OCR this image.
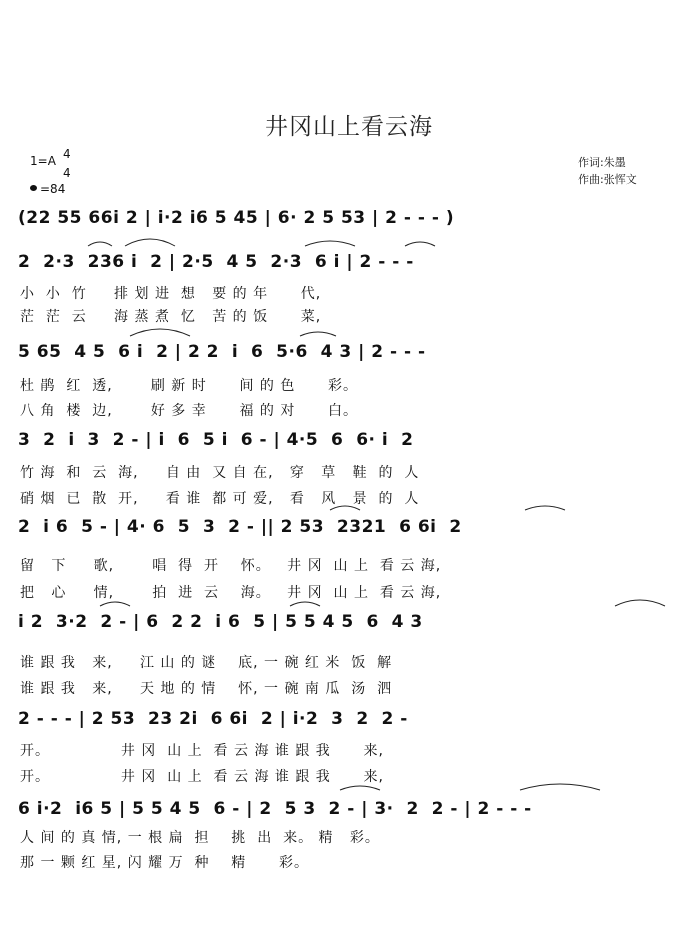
井冈山上看云海
1=A 4
4
=84
作词:朱墨
作曲:张恽文
(22 55 66i 2 | i·2 i6 5 45 | 6· 2 5 53 | 2 - - - )
2  2·3  236 i  2 | 2·5  4 5  2·3  6 i | 2 - - -
小  小  竹     排 划 进  想   要 的 年      代,
茫  茫  云     海 蒸 煮  忆   苦 的 饭      菜,
5 65  4 5  6 i  2 | 2 2  i  6  5·6  4 3 | 2 - - -
杜 鹃  红  透,       刷 新 时      间 的 色      彩。
八 角  楼  边,       好 多 幸      福 的 对      白。
3  2  i  3  2 - | i  6  5 i  6 - | 4·5  6  6· i  2
竹 海  和  云  海,     自 由  又 自 在,   穿   草   鞋  的  人
硝 烟  已  散  开,     看 谁  都 可 爱,   看   风   景  的  人
2  i 6  5 - | 4· 6  5  3  2 - || 2 53  2321  6 6i  2
留   下     歌,       唱  得  开    怀。   井 冈  山 上  看 云 海,
把   心     情,       拍  进  云    海。   井 冈  山 上  看 云 海,
i 2  3·2  2 - | 6  2 2  i 6  5 | 5 5 4 5  6  4 3
谁 跟 我   来,     江 山 的 谜    底, 一 碗 红 米  饭  解
谁 跟 我   来,     天 地 的 情    怀, 一 碗 南 瓜  汤  泗
2 - - - | 2 53  23 2i  6 6i  2 | i·2  3  2  2 -
开。             井 冈  山 上  看 云 海 谁 跟 我      来,
开。             井 冈  山 上  看 云 海 谁 跟 我      来,
6 i·2  i6 5 | 5 5 4 5  6 - | 2  5 3  2 - | 3·  2  2 - | 2 - - -
人 间 的 真 情, 一 根 扁  担    挑  出  来。 精   彩。
那 一 颗 红 星, 闪 耀 万  种    精      彩。
